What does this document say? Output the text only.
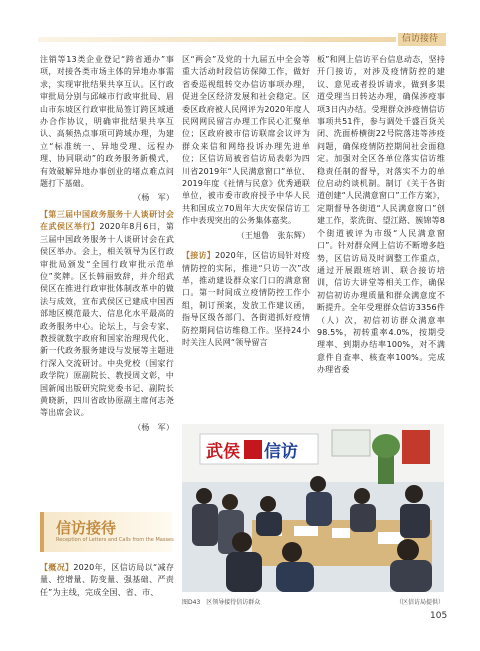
信访接待

注销等13类企业登记“跨省通办”事项，对接各类市场主体的异地办事需求，实现审批结果共享互认。区行政审批局分别与邱崃市行政审批局、眉山市东坡区行政审批局签订跨区域通办合作协议，明确审批结果共享互认、高频热点事项可跨域办理，为建立“标准统一、异地受理、远程办理、协同联动”的政务服务新模式，有效破解异地办事创业的堵点难点问题打下基础。

（杨　军）

【第三届中国政务服务十人谈研讨会在武侯区举行】2020年8月6日，第三届中国政务服务十人谈研讨会在武侯区举办。会上，相关领导为区行政审批局颁发“全国行政审批示范单位”奖牌。区长韩丽致辞，并介绍武侯区在推进行政审批体制改革中的做法与成效，宣布武侯区已建成中国西部地区模范最大、信息化水平最高的政务服务中心。论坛上，与会专家、教授就数字政府和国家治理现代化、新一代政务服务建设与发展等主题进行深入交流研讨。中央党校（国家行政学院）原副院长、教授周文彰，中国新闻出版研究院党委书记、副院长黄晓新，四川省政协原副主席何志尧等出席会议。

（杨　军）
信访接待
Reception of Letters and Calls from the Masses

【概况】2020年，区信访局以“减存量、控增量、防变量、强基础、严责任”为主线，完成全国、省、市、

区“两会”及党的十九届五中全会等重大活动时段信访保障工作，做好省委巡视组转交办信访事项办理，促进全区经济发展和社会稳定。区委区政府被人民网评为2020年度人民网网民留言办理工作民心汇聚单位；区政府被市信访联席会议评为群众来信和网络投诉办理先进单位；区信访局被省信访局表彰为四川省2019年“人民满意窗口”单位、2019年度《社情与民意》优秀通联单位，被市委市政府授予中华人民共和国成立70周年大庆安保信访工作中表现突出的公务集体嘉奖。

（王旭鲁　张东辉）

【接访】2020年，区信访局针对疫情防控的实际，推进“只访一次”改革，推动建设群众家门口的满意窗口。第一时间成立疫情防控工作小组，制订预案，发放工作建议函，指导区级各部门、各街道抓好疫情防控期间信访维稳工作。坚持24小时关注人民网“领导留言

板”和网上信访平台信息动态，坚持开门接访，对涉及疫情防控的建议、意见或者投诉请求，做到多渠道受理当日转达办理，确保涉疫事项3日内办结。受理群众涉疫情信访事项共51件，参与调处千盛百货关闭、洗面桥横街22号院落违等涉疫问题，确保疫情防控期间社会面稳定。加强对全区各单位落实信访维稳责任制的督导，对落实不力的单位启动约谈机制。制订《关于各街道创建“人民满意窗口”工作方案》，定期督导各街道“人民满意窗口”创建工作，浆洗街、望江路、簇锦等8个街道被评为市级“人民满意窗口”。针对群众网上信访不断增多趋势，区信访局及时调整工作重点，通过开展跟班培训、联合接访培训，信访大讲堂等相关工作，确保初信初访办理质量和群众满意度不断提升。全年受理群众信访3356件（人）次，初信初访群众满意率98.5%，初转重率4.0%，按期受理率、到期办结率100%，对不满意件自查率、核查率100%。完成办理省委

武侯 信访
图D43　区领导接待信访群众	（区信访局提供）
105
